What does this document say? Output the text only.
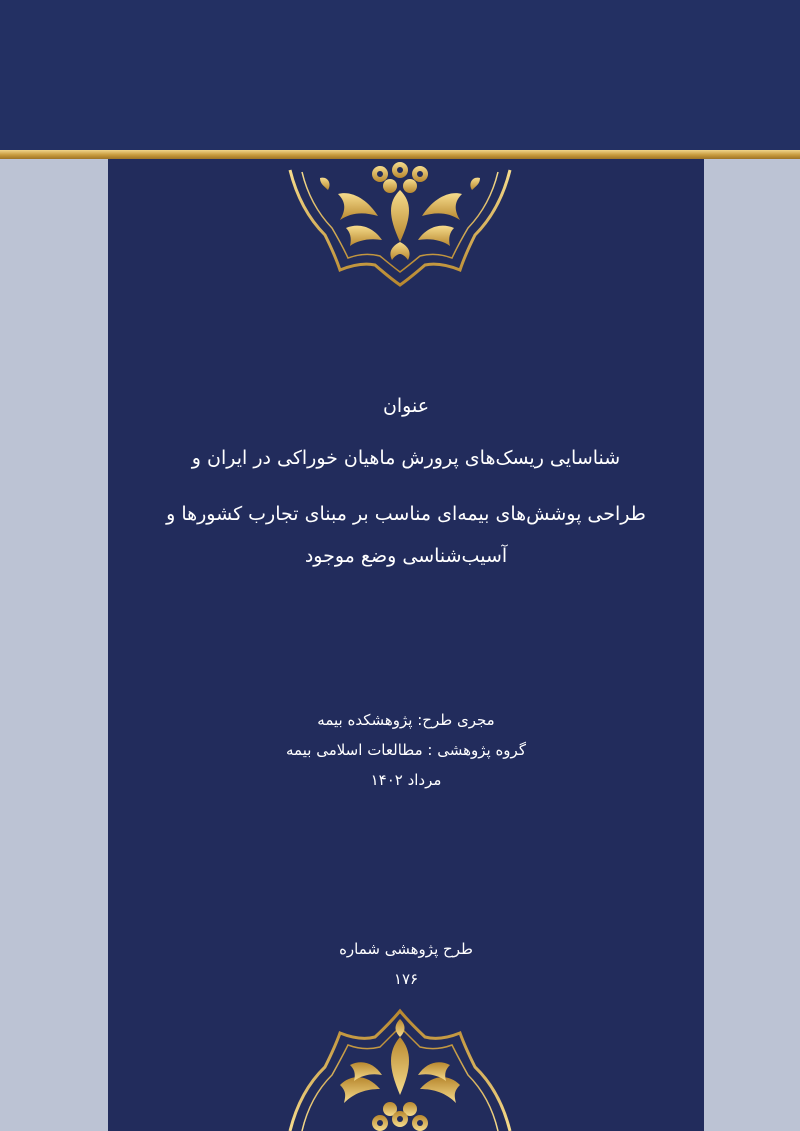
عنوان
شناسایی ریسک‌های پرورش ماهیان خوراکی در ایران و
طراحی پوشش‌های بیمه‌ای مناسب بر مبنای تجارب کشورها و
آسیب‌شناسی وضع موجود
مجری طرح: پژوهشکده بیمه
گروه پژوهشی : مطالعات اسلامی بیمه
مرداد ۱۴۰۲
طرح پژوهشی شماره
۱۷۶
